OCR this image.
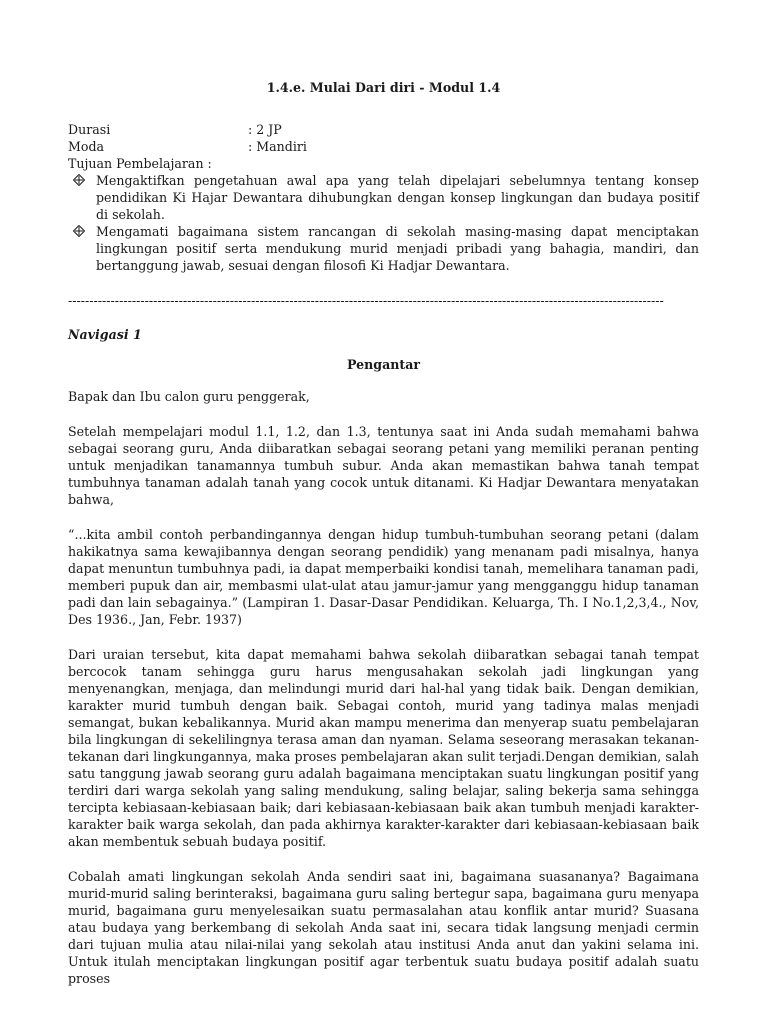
1.4.e. Mulai Dari diri - Modul 1.4
Durasi	: 2 JP
Moda	: Mandiri
Tujuan Pembelajaran :
Mengaktifkan pengetahuan awal apa yang telah dipelajari sebelumnya tentang konsep pendidikan Ki Hajar Dewantara dihubungkan dengan konsep lingkungan dan budaya positif di sekolah.
Mengamati bagaimana sistem rancangan di sekolah masing-masing dapat menciptakan lingkungan positif serta mendukung murid menjadi pribadi yang bahagia, mandiri, dan bertanggung jawab, sesuai dengan filosofi Ki Hadjar Dewantara.
--------------------------------------------------------------------------------------------------------------------------------------------
Navigasi 1
Pengantar

Bapak dan Ibu calon guru penggerak,

Setelah mempelajari modul 1.1, 1.2, dan 1.3, tentunya saat ini Anda sudah memahami bahwa sebagai seorang guru, Anda diibaratkan sebagai seorang petani yang memiliki peranan penting untuk menjadikan tanamannya tumbuh subur. Anda akan memastikan bahwa tanah tempat tumbuhnya tanaman adalah tanah yang cocok untuk ditanami. Ki Hadjar Dewantara menyatakan bahwa,

“...kita ambil contoh perbandingannya dengan hidup tumbuh-tumbuhan seorang petani (dalam hakikatnya sama kewajibannya dengan seorang pendidik) yang menanam padi misalnya, hanya dapat menuntun tumbuhnya padi, ia dapat memperbaiki kondisi tanah, memelihara tanaman padi, memberi pupuk dan air, membasmi ulat-ulat atau jamur-jamur yang mengganggu hidup tanaman padi dan lain sebagainya.” (Lampiran 1. Dasar-Dasar Pendidikan. Keluarga, Th. I No.1,2,3,4., Nov, Des 1936., Jan, Febr. 1937)

Dari uraian tersebut, kita dapat memahami bahwa sekolah diibaratkan sebagai tanah tempat bercocok tanam sehingga guru harus mengusahakan sekolah jadi lingkungan yang menyenangkan, menjaga, dan melindungi murid dari hal-hal yang tidak baik. Dengan demikian, karakter murid tumbuh dengan baik. Sebagai contoh, murid yang tadinya malas menjadi semangat, bukan kebalikannya. Murid akan mampu menerima dan menyerap suatu pembelajaran bila lingkungan di sekelilingnya terasa aman dan nyaman. Selama seseorang merasakan tekanan-tekanan dari lingkungannya, maka proses pembelajaran akan sulit terjadi.Dengan demikian, salah satu tanggung jawab seorang guru adalah bagaimana menciptakan suatu lingkungan positif yang terdiri dari warga sekolah yang saling mendukung, saling belajar, saling bekerja sama sehingga tercipta kebiasaan-kebiasaan baik; dari kebiasaan-kebiasaan baik akan tumbuh menjadi karakter-karakter baik warga sekolah, dan pada akhirnya karakter-karakter dari kebiasaan-kebiasaan baik akan membentuk sebuah budaya positif.

Cobalah amati lingkungan sekolah Anda sendiri saat ini, bagaimana suasananya? Bagaimana murid-murid saling berinteraksi, bagaimana guru saling bertegur sapa, bagaimana guru menyapa murid, bagaimana guru menyelesaikan suatu permasalahan atau konflik antar murid? Suasana atau budaya yang berkembang di sekolah Anda saat ini, secara tidak langsung menjadi cermin dari tujuan mulia atau nilai-nilai yang sekolah atau institusi Anda anut dan yakini selama ini. Untuk itulah menciptakan lingkungan positif agar terbentuk suatu budaya positif adalah suatu proses
